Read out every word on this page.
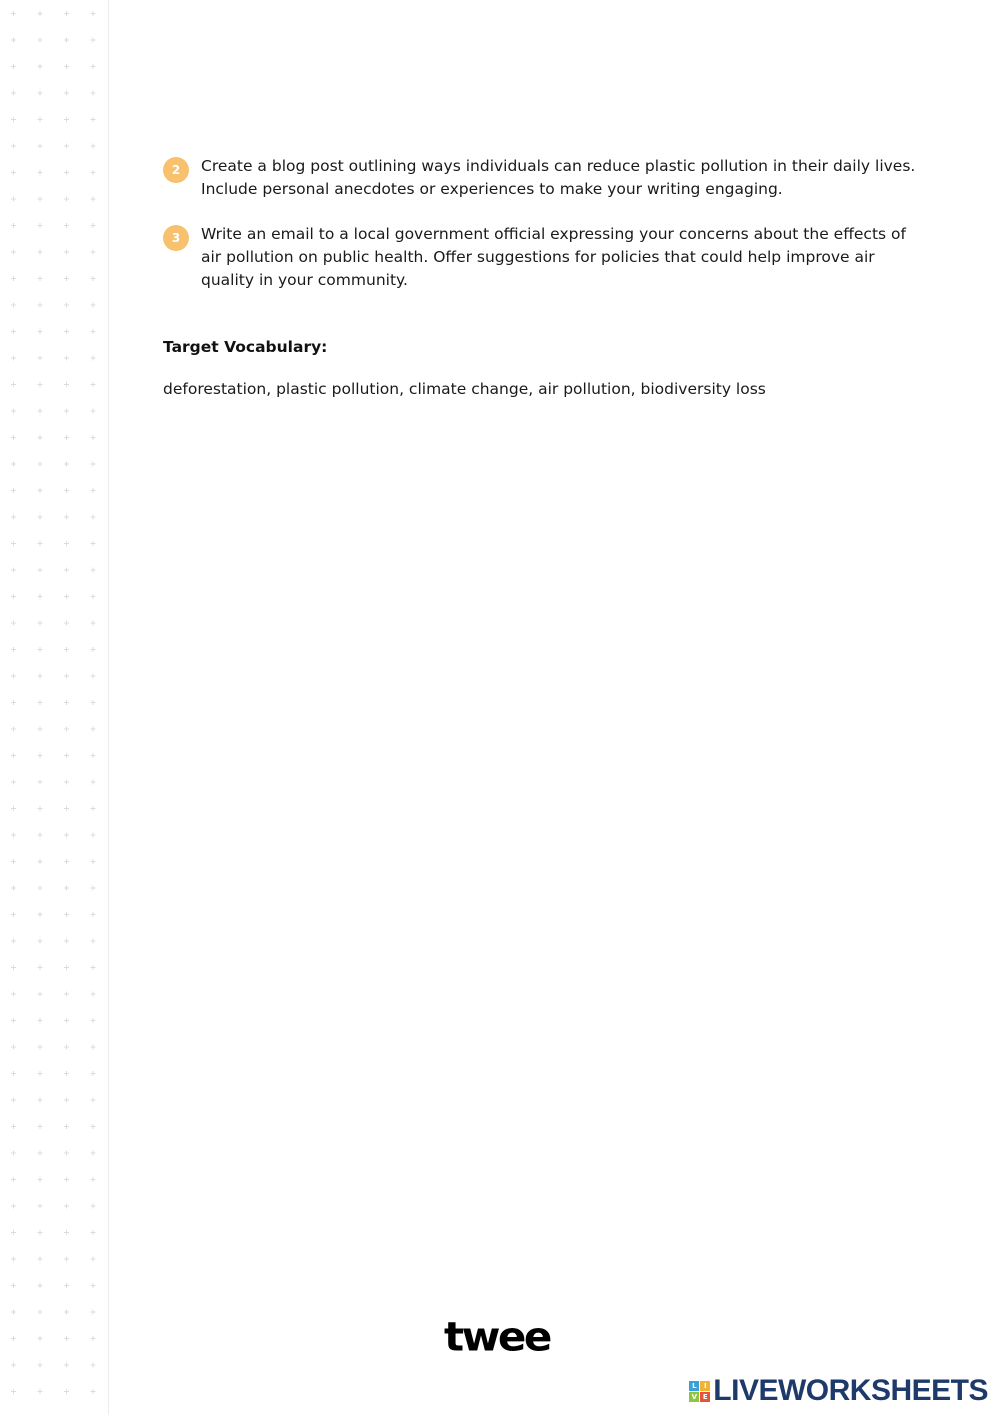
2	Create a blog post outlining ways individuals can reduce plastic pollution in their daily lives. Include personal anecdotes or experiences to make your writing engaging.
3	Write an email to a local government official expressing your concerns about the effects of air pollution on public health. Offer suggestions for policies that could help improve air quality in your community.
Target Vocabulary:
deforestation, plastic pollution, climate change, air pollution, biodiversity loss
twee
L	I
V E LIVEWORKSHEETS
